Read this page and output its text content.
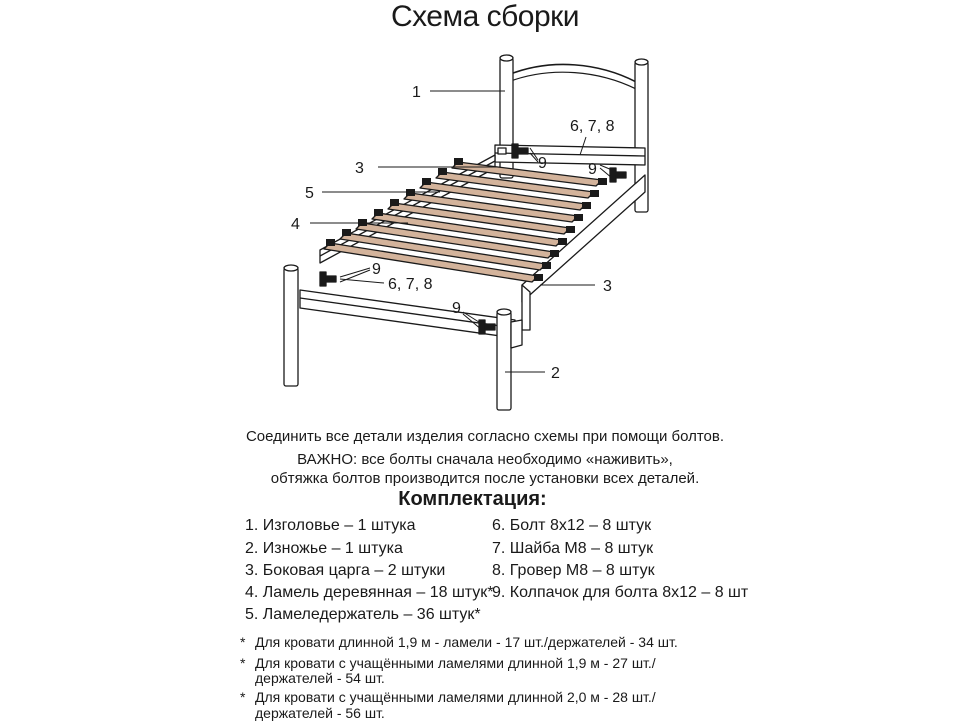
Схема сборки
1
3
5
4
6, 7, 8
9	9
9
6, 7, 8	3
9
2
Соединить все детали изделия согласно схемы при помощи болтов.
ВАЖНО: все болты сначала необходимо «наживить»,
обтяжка болтов производится после установки всех деталей.
Комплектация:
1. Изголовье – 1 штука
2. Изножье – 1 штука
3. Боковая царга – 2 штуки
4. Ламель деревянная – 18 штук*
5. Ламеледержатель – 36 штук*
6. Болт 8х12 – 8 штук
7. Шайба М8 – 8 штук
8. Гровер М8 – 8 штук
9. Колпачок для болта 8х12 – 8 шт
* Для кровати длинной 1,9 м - ламели - 17 шт./держателей - 34 шт.
* Для кровати с учащёнными ламелями длинной 1,9 м - 27 шт./
держателей - 54 шт.
* Для кровати с учащёнными ламелями длинной 2,0 м - 28 шт./
держателей - 56 шт.
